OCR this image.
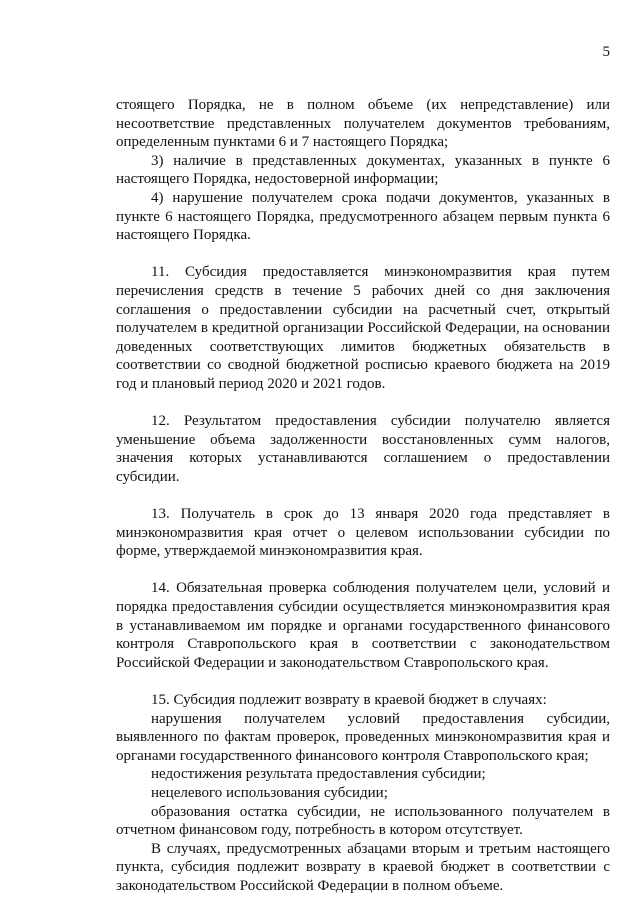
5

стоящего Порядка, не в полном объеме (их непредставление) или несоответствие представленных получателем документов требованиям, определенным пунктами 6 и 7 настоящего Порядка;

3) наличие в представленных документах, указанных в пункте 6 настоящего Порядка, недостоверной информации;

4) нарушение получателем срока подачи документов, указанных в пункте 6 настоящего Порядка, предусмотренного абзацем первым пункта 6 настоящего Порядка.

11. Субсидия предоставляется минэкономразвития края путем перечисления средств в течение 5 рабочих дней со дня заключения соглашения о предоставлении субсидии на расчетный счет, открытый получателем в кредитной организации Российской Федерации, на основании доведенных соответствующих лимитов бюджетных обязательств в соответствии со сводной бюджетной росписью краевого бюджета на 2019 год и плановый период 2020 и 2021 годов.

12. Результатом предоставления субсидии получателю является уменьшение объема задолженности восстановленных сумм налогов, значения которых устанавливаются соглашением о предоставлении субсидии.

13. Получатель в срок до 13 января 2020 года представляет в минэкономразвития края отчет о целевом использовании субсидии по форме, утверждаемой минэкономразвития края.

14. Обязательная проверка соблюдения получателем цели, условий и порядка предоставления субсидии осуществляется минэкономразвития края в устанавливаемом им порядке и органами государственного финансового контроля Ставропольского края в соответствии с законодательством Российской Федерации и законодательством Ставропольского края.

15. Субсидия подлежит возврату в краевой бюджет в случаях:

нарушения получателем условий предоставления субсидии, выявленного по фактам проверок, проведенных минэкономразвития края и органами государственного финансового контроля Ставропольского края;

недостижения результата предоставления субсидии;

нецелевого использования субсидии;

образования остатка субсидии, не использованного получателем в отчетном финансовом году, потребность в котором отсутствует.

В случаях, предусмотренных абзацами вторым и третьим настоящего пункта, субсидия подлежит возврату в краевой бюджет в соответствии с законодательством Российской Федерации в полном объеме.
